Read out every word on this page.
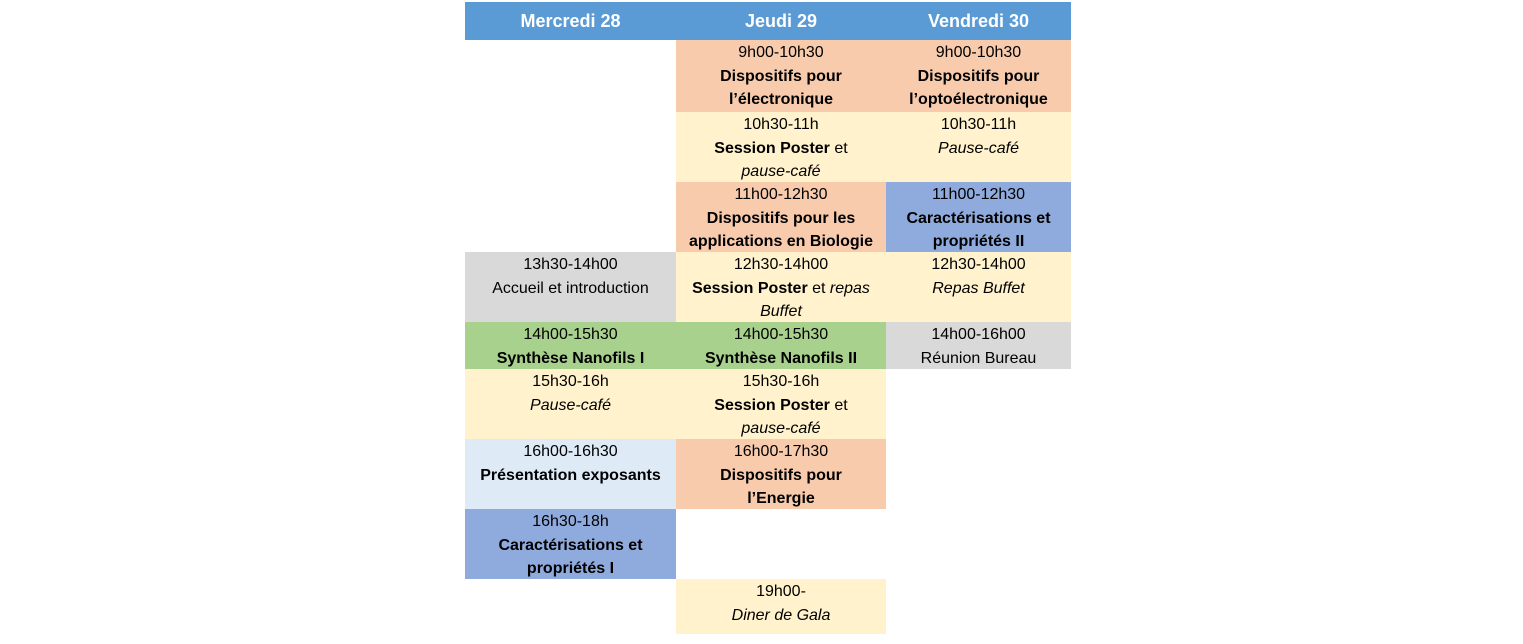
Mercredi 28	Jeudi 29	Vendredi 30
9h00-10h30
Dispositifs pour
l’électronique
9h00-10h30
Dispositifs pour
l’optoélectronique
10h30-11h
Session Poster et
pause-café
10h30-11h
Pause-café
11h00-12h30
Dispositifs pour les
applications en Biologie
11h00-12h30
Caractérisations et
propriétés II
13h30-14h00
Accueil et introduction
12h30-14h00
Session Poster et repas
Buffet
12h30-14h00
Repas Buffet
14h00-15h30
Synthèse Nanofils I
14h00-15h30
Synthèse Nanofils II
14h00-16h00
Réunion Bureau
15h30-16h
Pause-café
15h30-16h
Session Poster et
pause-café
16h00-16h30
Présentation exposants
16h00-17h30
Dispositifs pour
l’Energie
16h30-18h
Caractérisations et
propriétés I
19h00-
Diner de Gala
